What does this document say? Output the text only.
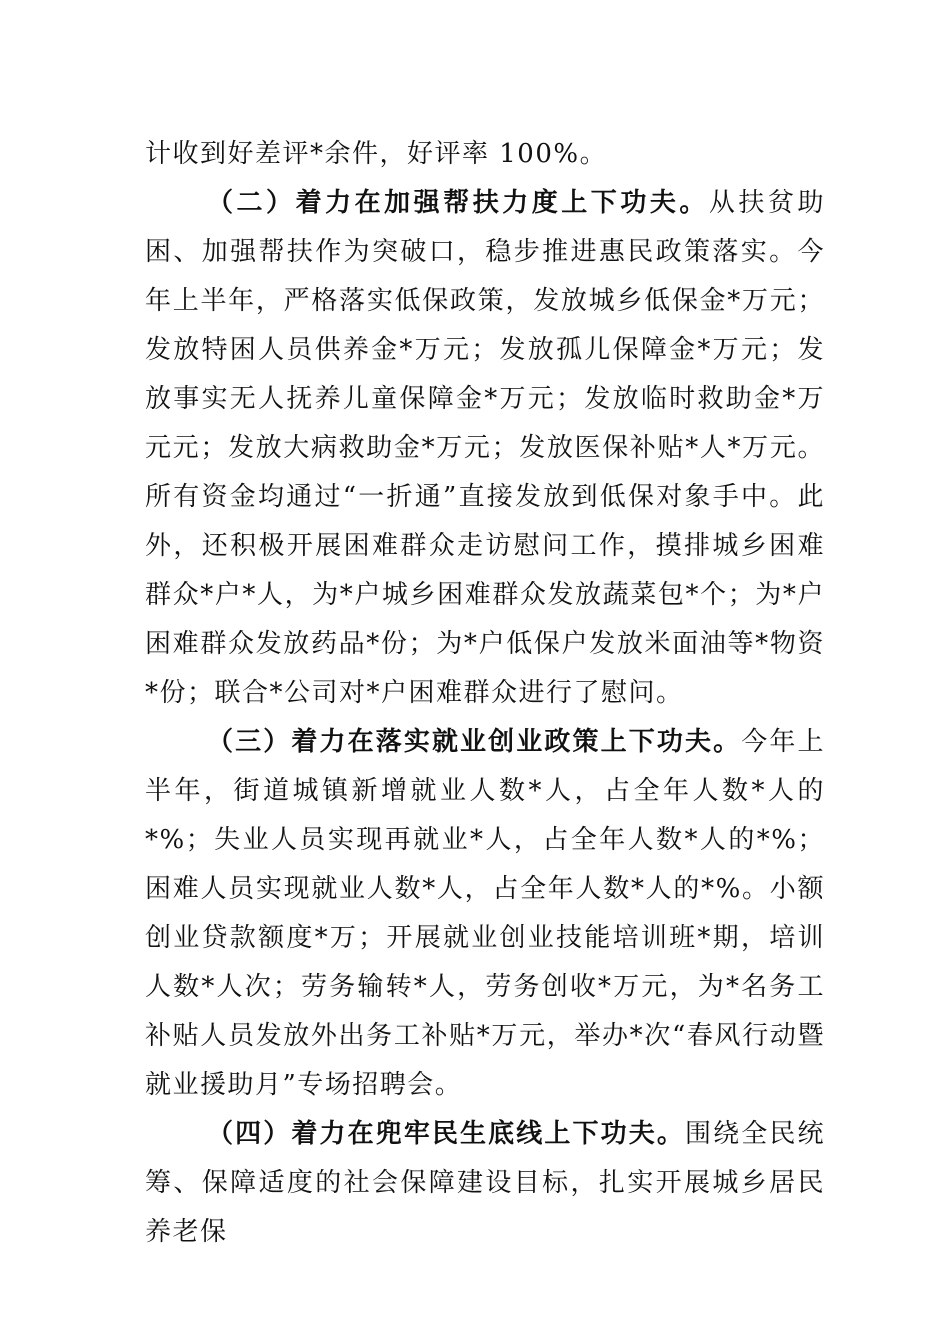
计收到好差评*余件，好评率 100%。

（二）着力在加强帮扶力度上下功夫。从扶贫助困、加强帮扶作为突破口，稳步推进惠民政策落实。今年上半年，严格落实低保政策，发放城乡低保金*万元；发放特困人员供养金*万元；发放孤儿保障金*万元；发放事实无人抚养儿童保障金*万元；发放临时救助金*万元元；发放大病救助金*万元；发放医保补贴*人*万元。所有资金均通过“一折通”直接发放到低保对象手中。此外，还积极开展困难群众走访慰问工作，摸排城乡困难群众*户*人，为*户城乡困难群众发放蔬菜包*个；为*户困难群众发放药品*份；为*户低保户发放米面油等*物资*份；联合*公司对*户困难群众进行了慰问。

（三）着力在落实就业创业政策上下功夫。今年上半年，街道城镇新增就业人数*人，占全年人数*人的*%；失业人员实现再就业*人，占全年人数*人的*%；困难人员实现就业人数*人，占全年人数*人的*%。小额创业贷款额度*万；开展就业创业技能培训班*期，培训人数*人次；劳务输转*人，劳务创收*万元，为*名务工补贴人员发放外出务工补贴*万元，举办*次“春风行动暨就业援助月”专场招聘会。

（四）着力在兜牢民生底线上下功夫。围绕全民统筹、保障适度的社会保障建设目标，扎实开展城乡居民养老保
